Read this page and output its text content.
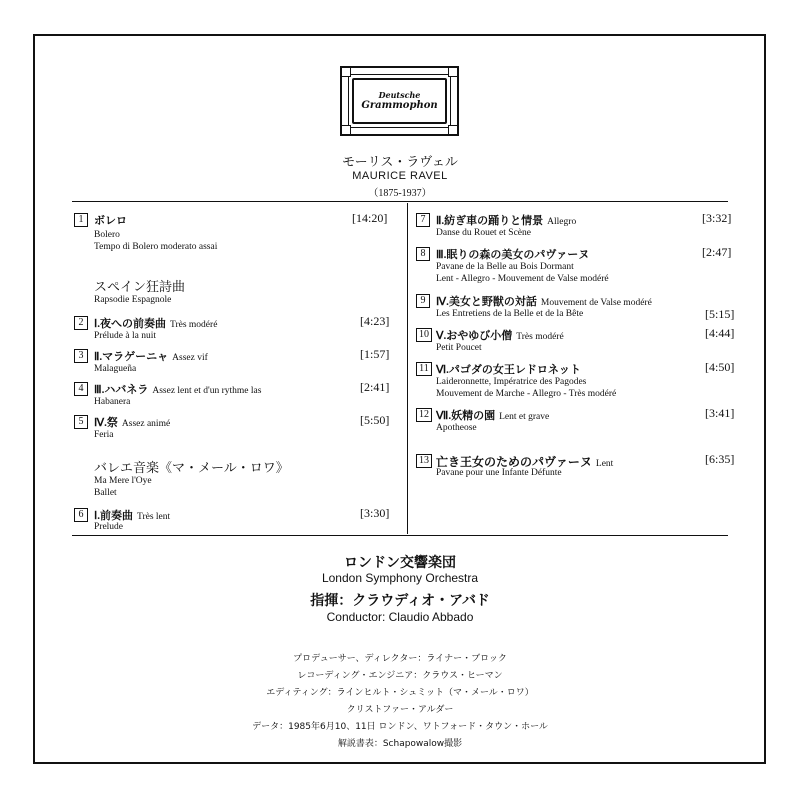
Deutsche
Grammophon
モーリス・ラヴェル
MAURICE RAVEL
（1875-1937）
1 ボレロ
Bolero
Tempo di Bolero moderato assai
[14:20]
スペイン狂詩曲
Rapsodie Espagnole
2 Ⅰ.夜への前奏曲 Très modéré
Prélude à la nuit
[4:23]
3 Ⅱ.マラゲーニャ Assez vif
Malagueña
[1:57]
4 Ⅲ.ハバネラ Assez lent et d'un rythme las
Habanera
[2:41]
5 Ⅳ.祭 Assez animé
Feria
[5:50]
バレエ音楽《マ・メール・ロワ》
Ma Mere l'Oye
Ballet
6 Ⅰ.前奏曲 Très lent
Prelude
[3:30]
7 Ⅱ.紡ぎ車の踊りと情景 Allegro
Danse du Rouet et Scène
[3:32]
8 Ⅲ.眠りの森の美女のパヴァーヌ
Pavane de la Belle au Bois Dormant
Lent - Allegro - Mouvement de Valse modéré
[2:47]
9 Ⅳ.美女と野獣の対話 Mouvement de Valse modéré
Les Entretiens de la Belle et de la Bête	[5:15]
10 Ⅴ.おやゆび小僧 Très modéré
Petit Poucet
[4:44]
11 Ⅵ.パゴダの女王レドロネット
Laideronnette, Impératrice des Pagodes
Mouvement de Marche - Allegro - Très modéré
[4:50]
12 Ⅶ.妖精の園 Lent et grave
Apotheose
[3:41]
13 亡き王女のためのパヴァーヌ Lent
Pavane pour une Infante Défunte
[6:35]
ロンドン交響楽団
London Symphony Orchestra
指揮：クラウディオ・アバド
Conductor: Claudio Abbado
プロデューサー、ディレクター：ライナー・ブロック
レコーディング・エンジニア：クラウス・ヒーマン
エディティング：ラインヒルト・シュミット（マ・メール・ロワ）
クリストファー・アルダー
データ：1985年6月10、11日 ロンドン、ワトフォード・タウン・ホール
解説書表：Schapowalow撮影
